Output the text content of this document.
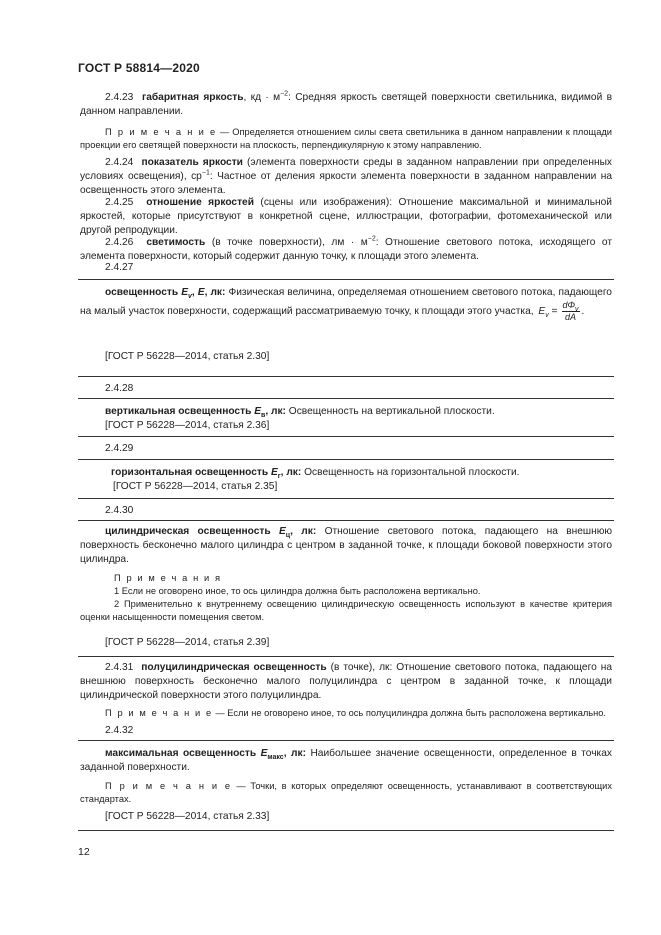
ГОСТ Р 58814—2020
2.4.23 габаритная яркость, кд · $м^{-2}$: Средняя яркость светящей поверхности светильника, видимой в данном направлении.
П р и м е ч а н и е — Определяется отношением силы света светильника в данном направлении к площади проекции его светящей поверхности на плоскость, перпендикулярную к этому направлению.
2.4.24 показатель яркости (элемента поверхности среды в заданном направлении при определенных условиях освещения), $ср^{-1}$: Частное от деления яркости элемента поверхности в заданном направлении на освещенность этого элемента.
2.4.25 отношение яркостей (сцены или изображения): Отношение максимальной и минимальной яркостей, которые присутствуют в конкретной сцене, иллюстрации, фотографии, фотомеханической или другой репродукции.
2.4.26 светимость (в точке поверхности), лм · $м^{-2}$: Отношение светового потока, исходящего от элемента поверхности, который содержит данную точку, к площади этого элемента.
2.4.27
освещенность $E_v$, E, лк: Физическая величина, определяемая отношением светового потока, падающего на малый участок поверхности, содержащий рассматриваемую точку, к площади этого участка, $E_v = \frac{d\Phi_v}{dA}$ .
[ГОСТ Р 56228—2014, статья 2.30]
2.4.28
вертикальная освещенность $E_в$, лк: Освещенность на вертикальной плоскости.
[ГОСТ Р 56228—2014, статья 2.36]
2.4.29
горизонтальная освещенность $E_г$, лк: Освещенность на горизонтальной плоскости.
[ГОСТ Р 56228—2014, статья 2.35]
2.4.30
цилиндрическая освещенность $E_ц$, лк: Отношение светового потока, падающего на внешнюю поверхность бесконечно малого цилиндра с центром в заданной точке, к площади боковой поверхности этого цилиндра.
П р и м е ч а н и я
1 Если не оговорено иное, то ось цилиндра должна быть расположена вертикально.
2 Применительно к внутреннему освещению цилиндрическую освещенность используют в качестве критерия оценки насыщенности помещения светом.
[ГОСТ Р 56228—2014, статья 2.39]
2.4.31 полуцилиндрическая освещенность (в точке), лк: Отношение светового потока, падающего на внешнюю поверхность бесконечно малого полуцилиндра с центром в заданной точке, к площади цилиндрической поверхности этого полуцилиндра.
П р и м е ч а н и е — Если не оговорено иное, то ось полуцилиндра должна быть расположена вертикально.
2.4.32
максимальная освещенность $E_{макс}$, лк: Наибольшее значение освещенности, определенное в точках заданной поверхности.
П р и м е ч а н и е — Точки, в которых определяют освещенность, устанавливают в соответствующих стандартах.
[ГОСТ Р 56228—2014, статья 2.33]
12
